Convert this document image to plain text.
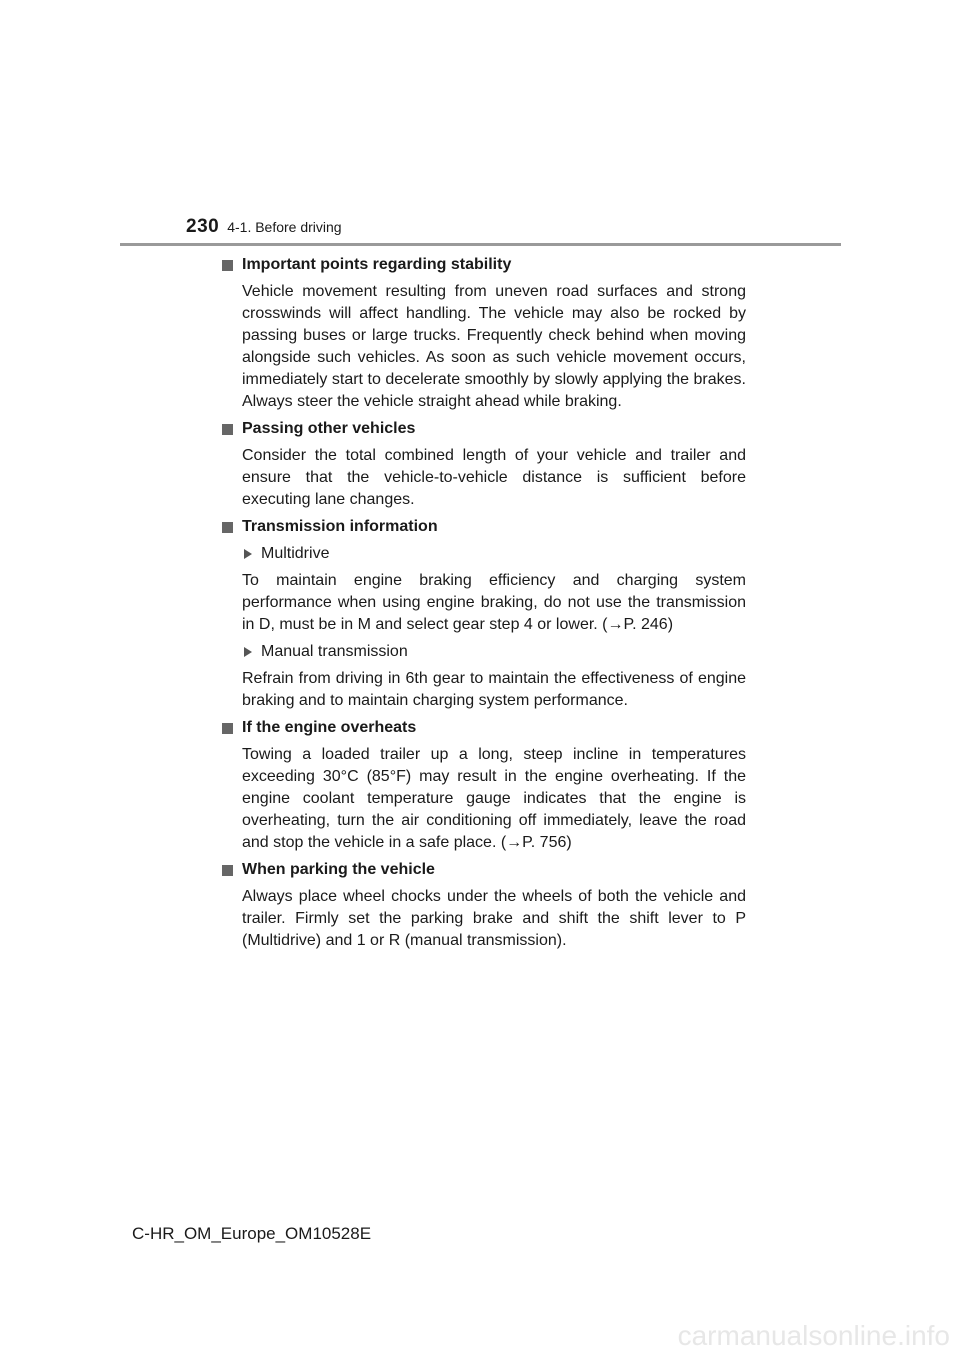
230 4-1. Before driving
Important points regarding stability

Vehicle movement resulting from uneven road surfaces and strong crosswinds will affect handling. The vehicle may also be rocked by passing buses or large trucks. Frequently check behind when moving alongside such vehicles. As soon as such vehicle movement occurs, immediately start to decelerate smoothly by slowly applying the brakes. Always steer the vehicle straight ahead while braking.

Passing other vehicles

Consider the total combined length of your vehicle and trailer and ensure that the vehicle-to-vehicle distance is sufficient before executing lane changes.

Transmission information
Multidrive

To maintain engine braking efficiency and charging system performance when using engine braking, do not use the transmission in D, must be in M and select gear step 4 or lower. (→P. 246)

Manual transmission

Refrain from driving in 6th gear to maintain the effectiveness of engine braking and to maintain charging system performance.

If the engine overheats

Towing a loaded trailer up a long, steep incline in temperatures exceeding 30°C (85°F) may result in the engine overheating. If the engine coolant temperature gauge indicates that the engine is overheating, turn the air conditioning off immediately, leave the road and stop the vehicle in a safe place. (→P. 756)

When parking the vehicle

Always place wheel chocks under the wheels of both the vehicle and trailer. Firmly set the parking brake and shift the shift lever to P (Multidrive) and 1 or R (manual transmission).

C-HR_OM_Europe_OM10528E
carmanualsonline.info
